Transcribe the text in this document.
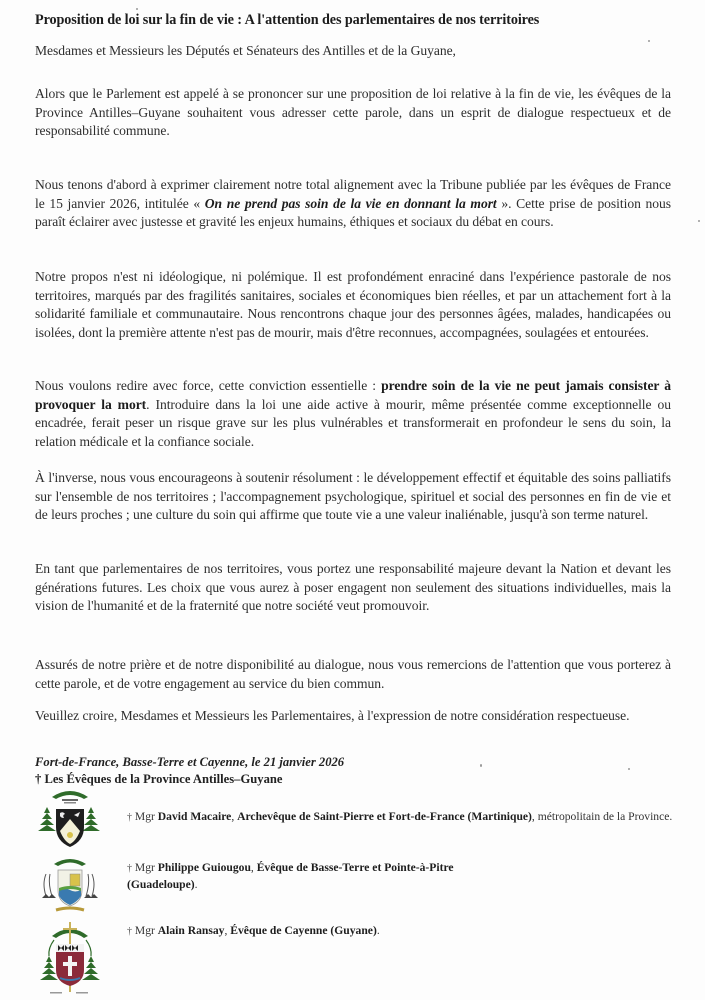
Proposition de loi sur la fin de vie : A l'attention des parlementaires de nos territoires
Mesdames et Messieurs les Députés et Sénateurs des Antilles et de la Guyane,
Alors que le Parlement est appelé à se prononcer sur une proposition de loi relative à la fin de vie, les évêques de la Province Antilles–Guyane souhaitent vous adresser cette parole, dans un esprit de dialogue respectueux et de responsabilité commune.
Nous tenons d'abord à exprimer clairement notre total alignement avec la Tribune publiée par les évêques de France le 15 janvier 2026, intitulée « On ne prend pas soin de la vie en donnant la mort ». Cette prise de position nous paraît éclairer avec justesse et gravité les enjeux humains, éthiques et sociaux du débat en cours.
Notre propos n'est ni idéologique, ni polémique. Il est profondément enraciné dans l'expérience pastorale de nos territoires, marqués par des fragilités sanitaires, sociales et économiques bien réelles, et par un attachement fort à la solidarité familiale et communautaire. Nous rencontrons chaque jour des personnes âgées, malades, handicapées ou isolées, dont la première attente n'est pas de mourir, mais d'être reconnues, accompagnées, soulagées et entourées.
Nous voulons redire avec force, cette conviction essentielle : prendre soin de la vie ne peut jamais consister à provoquer la mort. Introduire dans la loi une aide active à mourir, même présentée comme exceptionnelle ou encadrée, ferait peser un risque grave sur les plus vulnérables et transformerait en profondeur le sens du soin, la relation médicale et la confiance sociale.
À l'inverse, nous vous encourageons à soutenir résolument : le développement effectif et équitable des soins palliatifs sur l'ensemble de nos territoires ; l'accompagnement psychologique, spirituel et social des personnes en fin de vie et de leurs proches ; une culture du soin qui affirme que toute vie a une valeur inaliénable, jusqu'à son terme naturel.
En tant que parlementaires de nos territoires, vous portez une responsabilité majeure devant la Nation et devant les générations futures. Les choix que vous aurez à poser engagent non seulement des situations individuelles, mais la vision de l'humanité et de la fraternité que notre société veut promouvoir.
Assurés de notre prière et de notre disponibilité au dialogue, nous vous remercions de l'attention que vous porterez à cette parole, et de votre engagement au service du bien commun.
Veuillez croire, Mesdames et Messieurs les Parlementaires, à l'expression de notre considération respectueuse.
Fort-de-France, Basse-Terre et Cayenne, le 21 janvier 2026
† Les Évêques de la Province Antilles–Guyane
† Mgr David Macaire, Archevêque de Saint-Pierre et Fort-de-France (Martinique), métropolitain de la Province.
† Mgr Philippe Guiougou, Évêque de Basse-Terre et Pointe-à-Pitre
(Guadeloupe).
† Mgr Alain Ransay, Évêque de Cayenne (Guyane).
